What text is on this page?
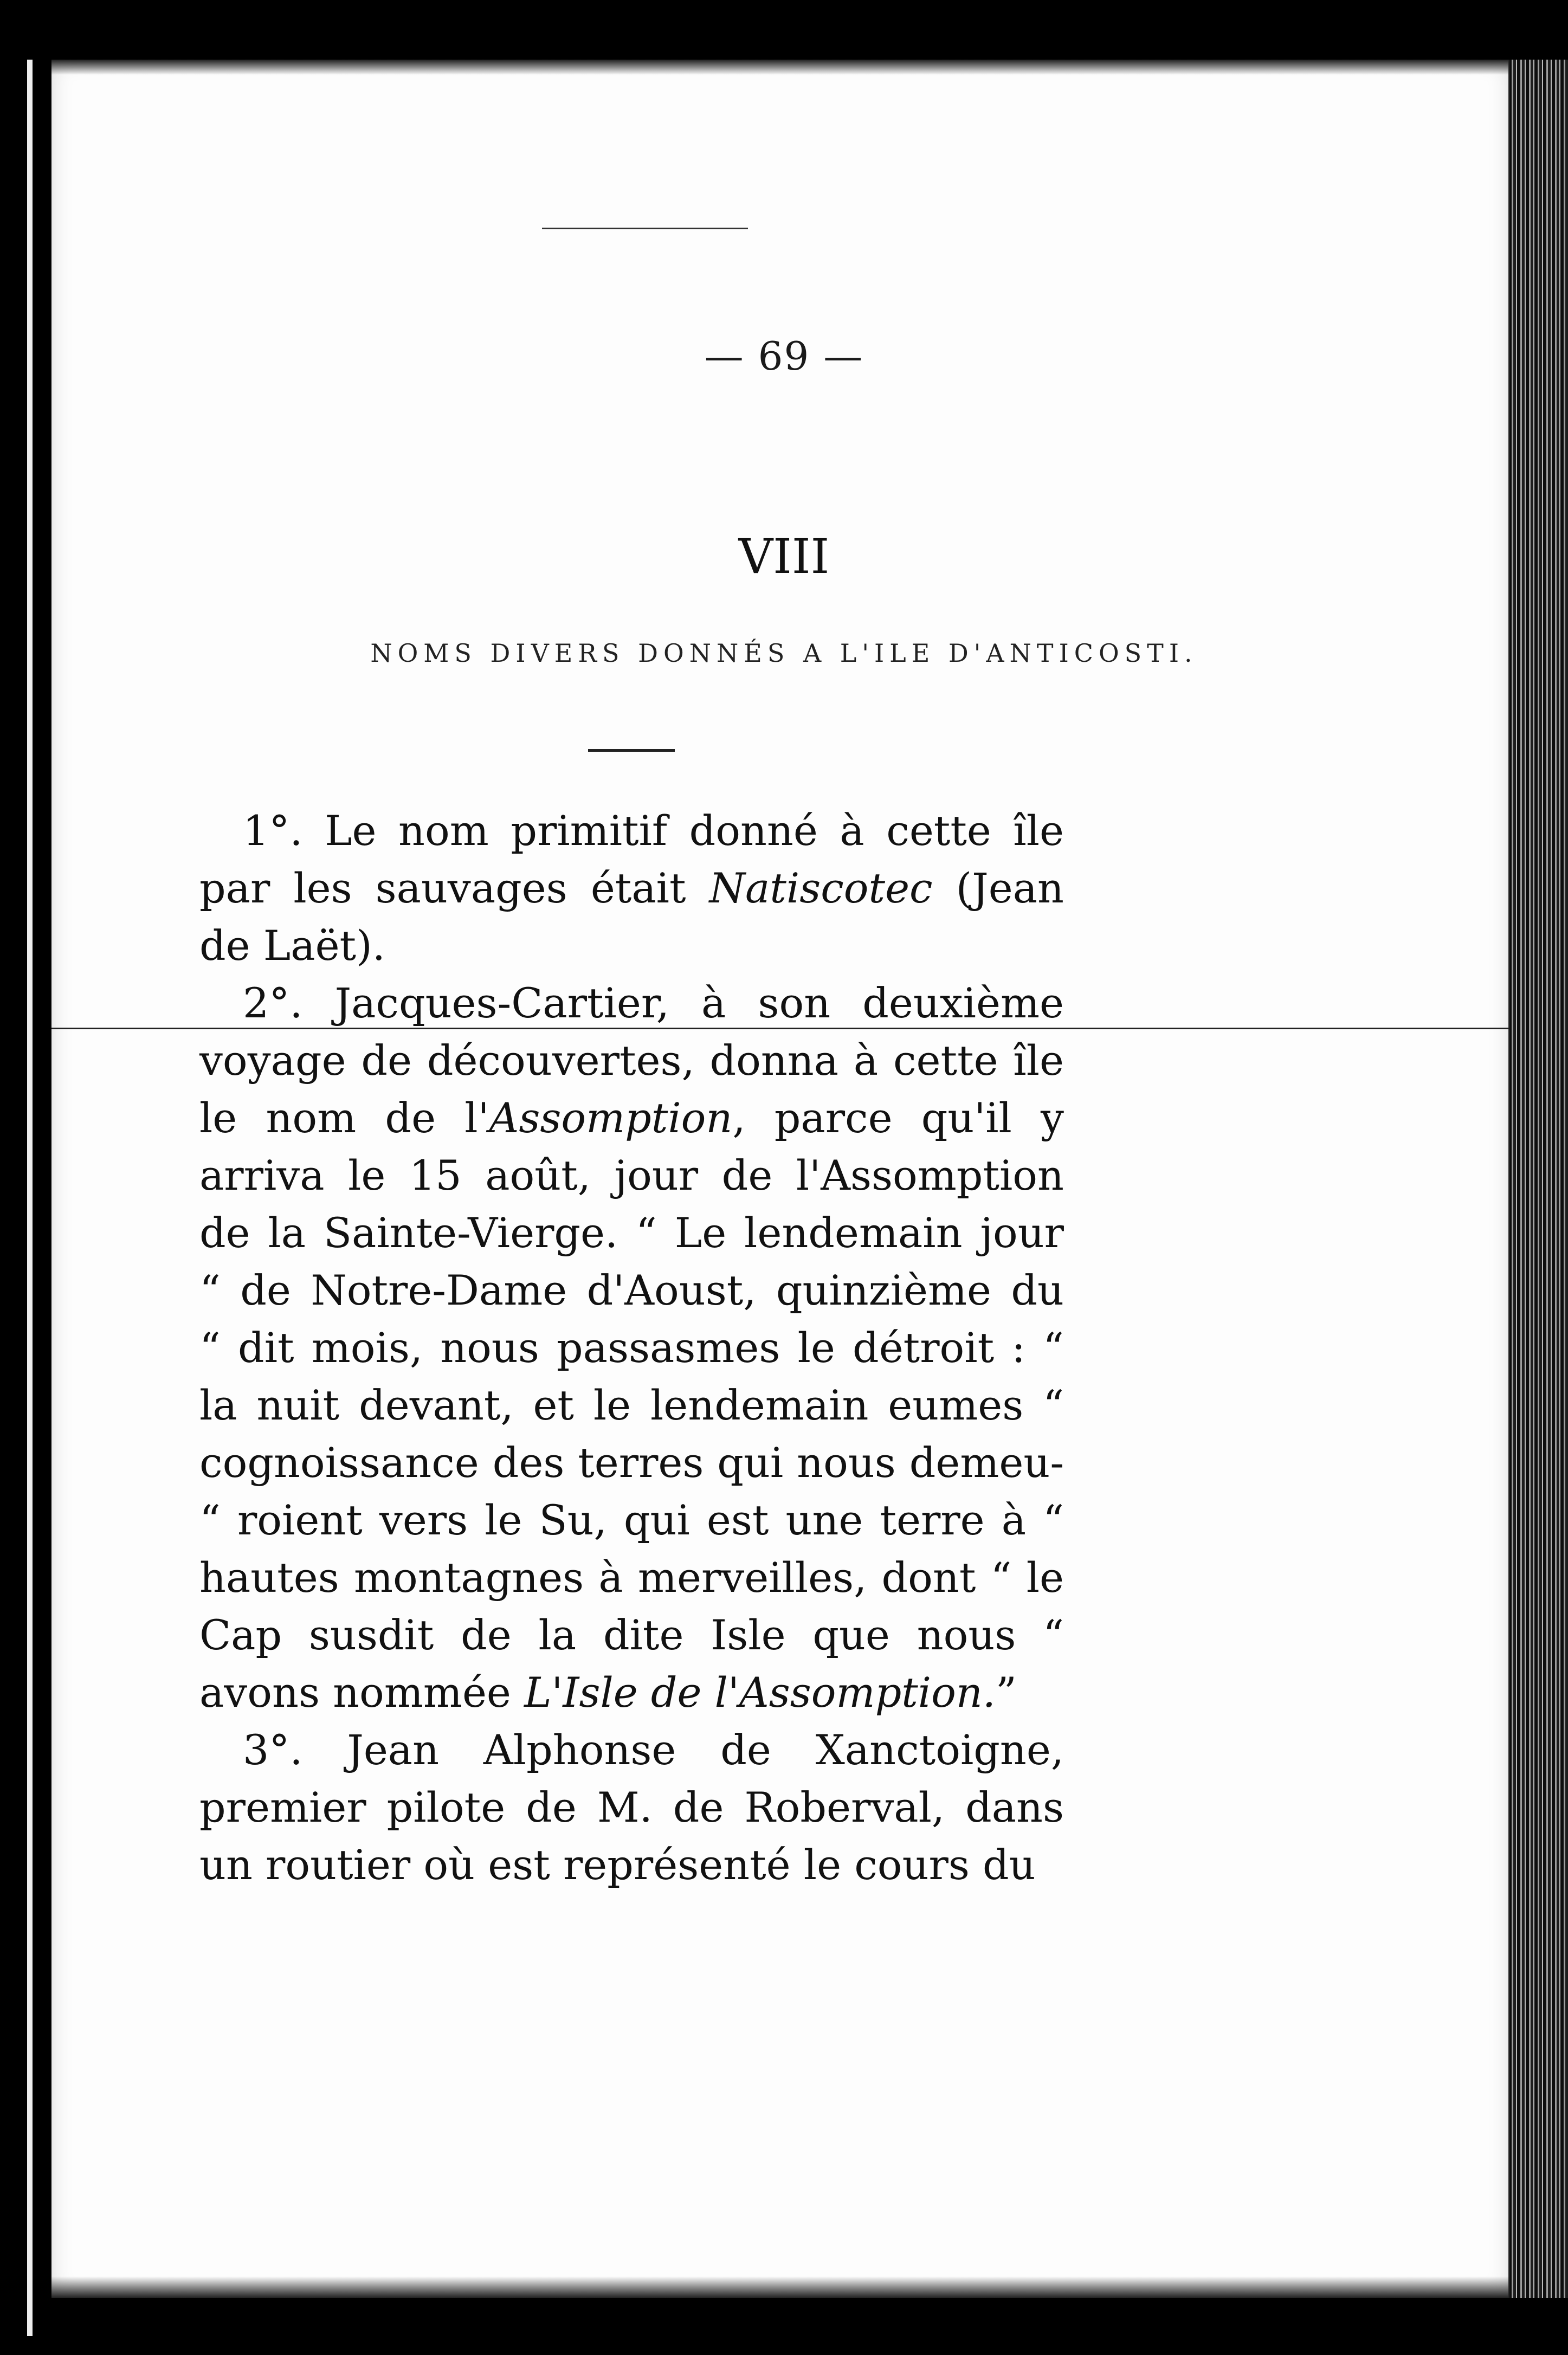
— 69 —
VIII
NOMS DIVERS DONNÉS A L'ILE D'ANTICOSTI.

1°. Le nom primitif donné à cette île par les sauvages était Natiscotec (Jean de Laët).

2°. Jacques-Cartier, à son deuxième voyage de découvertes, donna à cette île le nom de l'Assomption, parce qu'il y arriva le 15 août, jour de l'Assomption de la Sainte-Vierge. “ Le lendemain jour “ de Notre-Dame d'Aoust, quinzième du “ dit mois, nous passasmes le détroit : “ la nuit devant, et le lendemain eumes “ cognoissance des terres qui nous demeu- “ roient vers le Su, qui est une terre à “ hautes montagnes à merveilles, dont “ le Cap susdit de la dite Isle que nous “ avons nommée L'Isle de l'Assomption.”

3°. Jean Alphonse de Xanctoigne, premier pilote de M. de Roberval, dans un routier où est représenté le cours du
